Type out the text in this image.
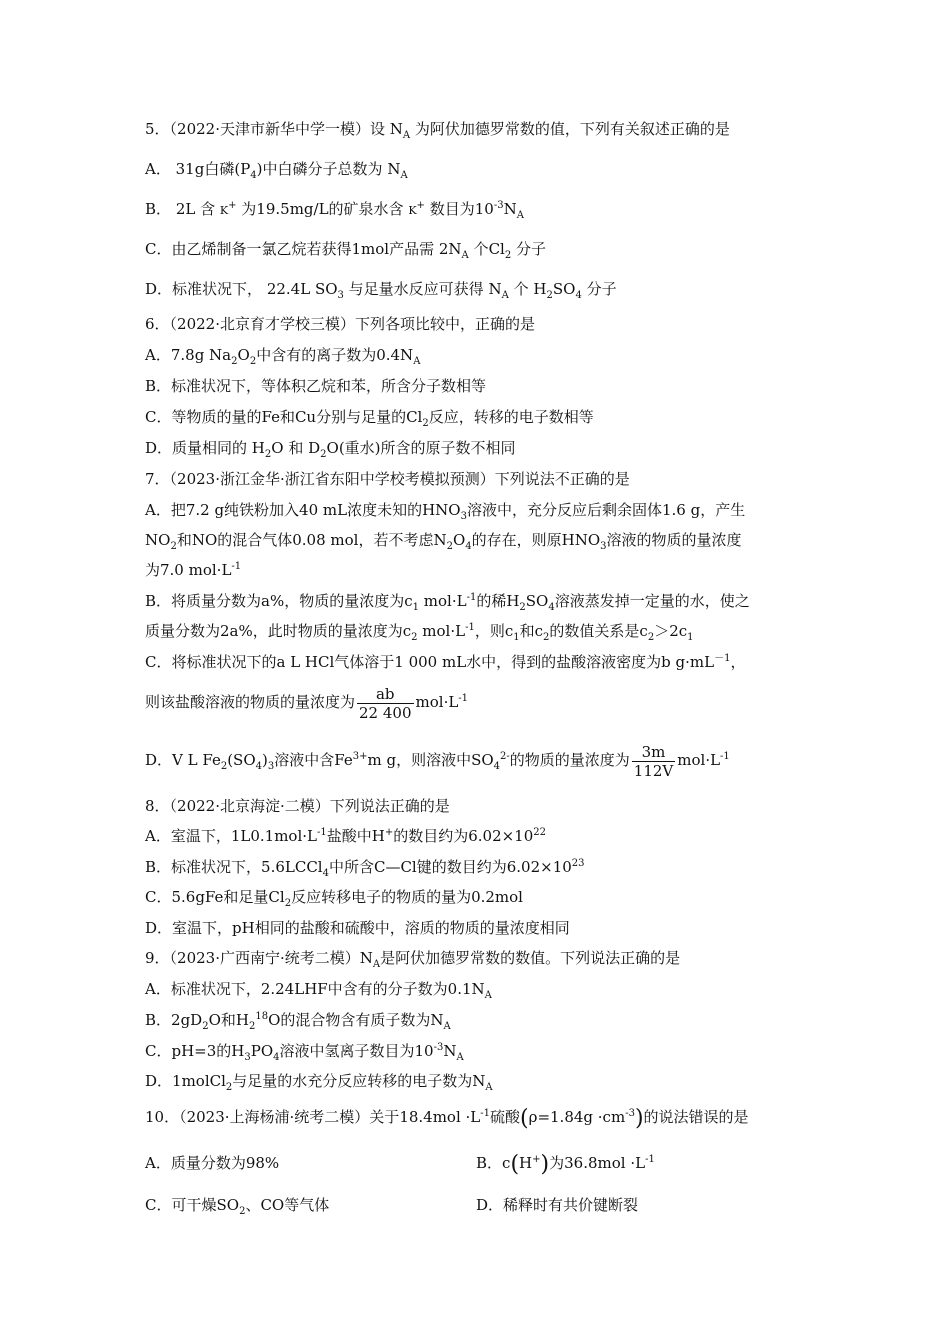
5．（2022·天津市新华中学一模）设 $N_A$ 为阿伏加德罗常数的值，下列有关叙述正确的是
A． 31g白磷$(P_4)$中白磷分子总数为 $N_A$
B． 2L 含 K+ 为19.5mg/L的矿泉水含 K+ 数目为$10^{-3}N_A$
C．由乙烯制备一氯乙烷若获得1mol产品需 $2N_A$ 个$Cl_2$ 分子
D．标准状况下， 22.4L $SO_3$ 与足量水反应可获得 $N_A$ 个 $H_2SO_4$ 分子
6．（2022·北京育才学校三模）下列各项比较中，正确的是
A．7.8g $Na_2O_2$中含有的离子数为$0.4N_A$
B．标准状况下，等体积乙烷和苯，所含分子数相等
C．等物质的量的Fe和Cu分别与足量的$Cl_2$反应，转移的电子数相等
D．质量相同的 $H_2O$ 和 $D_2O$(重水)所含的原子数不相同
7．（2023·浙江金华·浙江省东阳中学校考模拟预测）下列说法不正确的是
A．把7.2 g纯铁粉加入40 mL浓度未知的$HNO_3$溶液中，充分反应后剩余固体1.6 g，产生
$NO_2$和NO的混合气体0.08 mol，若不考虑$N_2O_4$的存在，则原$HNO_3$溶液的物质的量浓度
为7.0 $mol\cdot L^{-1}$
B．将质量分数为a%，物质的量浓度为$c_1$ $mol\cdot L^{-1}$的稀$H_2SO_4$溶液蒸发掉一定量的水，使之
质量分数为2a%，此时物质的量浓度为$c_2$ $mol\cdot L^{-1}$，则$c_1$和$c_2$的数值关系是$c_2>2c_1$
C．将标准状况下的a L HCl气体溶于1 000 mL水中，得到的盐酸溶液密度为b $g\cdot mL^{-1}$，
则该盐酸溶液的物质的量浓度为 $\frac{ab}{22 400} mol\cdot L^{-1}$
D．V L $Fe_2(SO_4)_3$溶液中含$Fe^{3+}m$ g，则溶液中$SO_4^{2-}$的物质的量浓度为 $\frac{3m}{112V} mol\cdot L^{-1}$
8．（2022·北京海淀·二模）下列说法正确的是
A．室温下，$1L0.1mol\cdot L^{-1}$盐酸中H+的数目约为$6.02\times 10^{22}$
B．标准状况下，5.6LCCl$_4$中所含C—Cl键的数目约为$6.02\times 10^{23}$
C．5.6gFe和足量$Cl_2$反应转移电子的物质的量为0.2mol
D．室温下，pH相同的盐酸和硫酸中，溶质的物质的量浓度相同
9．（2023·广西南宁·统考二模）$N_A$是阿伏加德罗常数的数值。下列说法正确的是
A．标准状况下，2.24LHF中含有的分子数为$0.1N_A$
B．$2gD_2O$和$H_2^{18}O$的混合物含有质子数为$N_A$
C．pH=3的$H_3PO_4$溶液中氢离子数目为$10^{-3}N_A$
D．1molCl$_2$与足量的水充分反应转移的电子数为$N_A$
10．（2023·上海杨浦·统考二模）关于$18.4mol \cdot L^{-1}$硫酸$(\rho=1.84g \cdot cm^{-3})$的说法错误的是
A．质量分数为98%	B．c(H+)为$36.8mol \cdot L^{-1}$
C．可干燥$SO_2$、CO等气体	D．稀释时有共价键断裂
